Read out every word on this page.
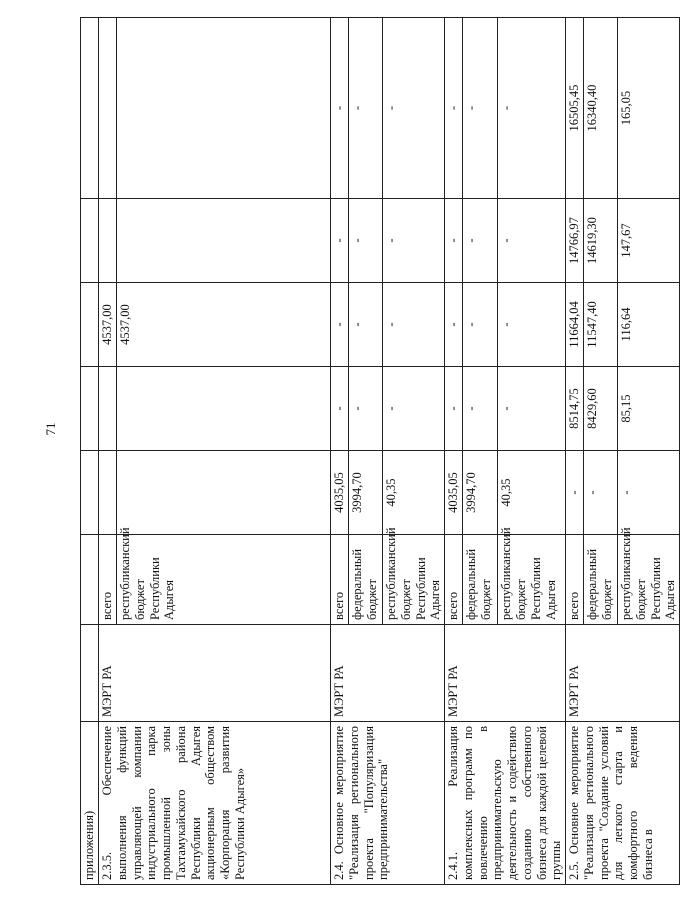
71
приложения)							
2.3.5. Обеспечение выполнения функций управляющей компании индустриального парка промышленной зоны Тахтамукайского района Республики Адыгея акционерным обществом «Корпорация развития Республики Адыгея»	МЭРТ РА	всего			4537,00		
		республиканский бюджет Республики Адыгея			4537,00		
2.4. Основное мероприятие "Реализация регионального проекта "Популяризация предпринимательства"	МЭРТ РА	всего	4035,05	-	-	-	-
		федеральный бюджет	3994,70	-	-	-	-
		республиканский бюджет Республики Адыгея	40,35	-	-	-	-
2.4.1. Реализация комплексных программ по вовлечению в предпринимательскую деятельность и содействию созданию собственного бизнеса для каждой целевой группы	МЭРТ РА	всего	4035,05	-	-	-	-
		федеральный бюджет	3994,70	-	-	-	-
		республиканский бюджет Республики Адыгея	40,35	-	-	-	-
2.5. Основное мероприятие "Реализация регионального проекта "Создание условий для легкого старта и комфортного ведения бизнеса в	МЭРТ РА	всего	-	8514,75	11664,04	14766,97	16505,45
		федеральный бюджет	-	8429,60	11547,40	14619,30	16340,40
		республиканский бюджет Республики Адыгея	-	85,15	116,64	147,67	165,05
